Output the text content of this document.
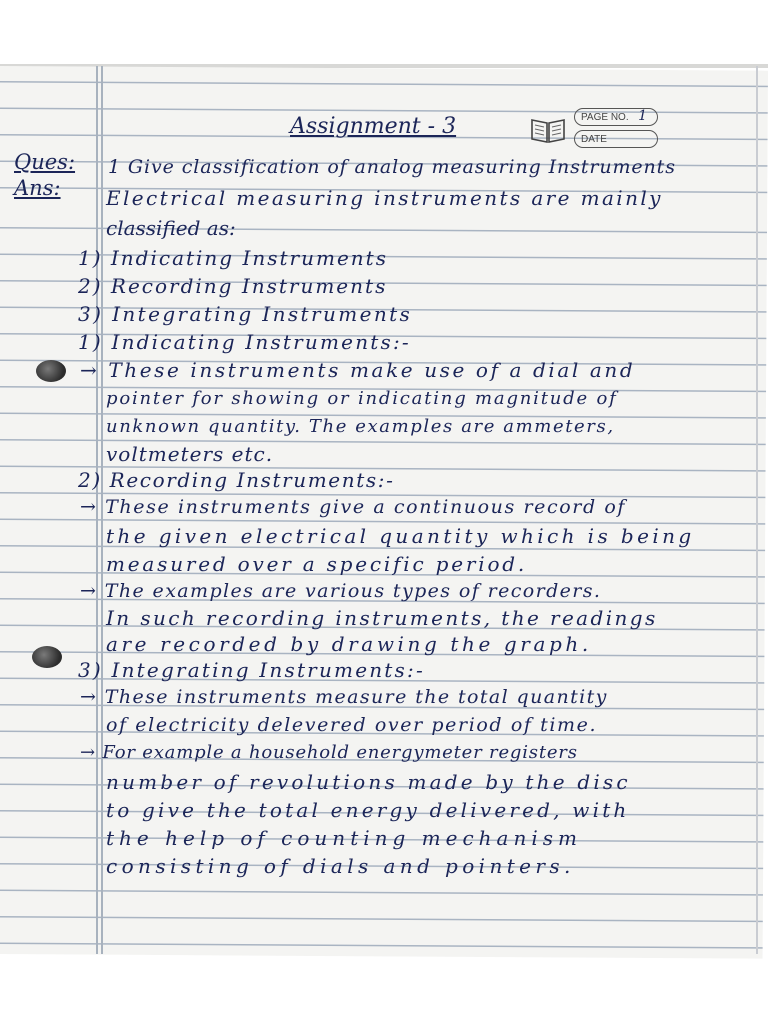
Assignment - 3	PAGE NO. 1
DATE
Ques:
Ans:
1 Give classification of analog measuring Instruments
Electrical measuring instruments are mainly
classified as:
1) Indicating Instruments
2) Recording Instruments
3) Integrating Instruments
1) Indicating Instruments:-
→ These instruments make use of a dial and
pointer for showing or indicating magnitude of
unknown quantity. The examples are ammeters,
voltmeters etc.
2) Recording Instruments:-
→ These instruments give a continuous record of
the given electrical quantity which is being
measured over a specific period.
→ The examples are various types of recorders.
In such recording instruments, the readings
are recorded by drawing the graph.
3) Integrating Instruments:-
→ These instruments measure the total quantity
of electricity delevered over period of time.
→ For example a household energymeter registers
number of revolutions made by the disc
to give the total energy delivered, with
the help of counting mechanism
consisting of dials and pointers.
